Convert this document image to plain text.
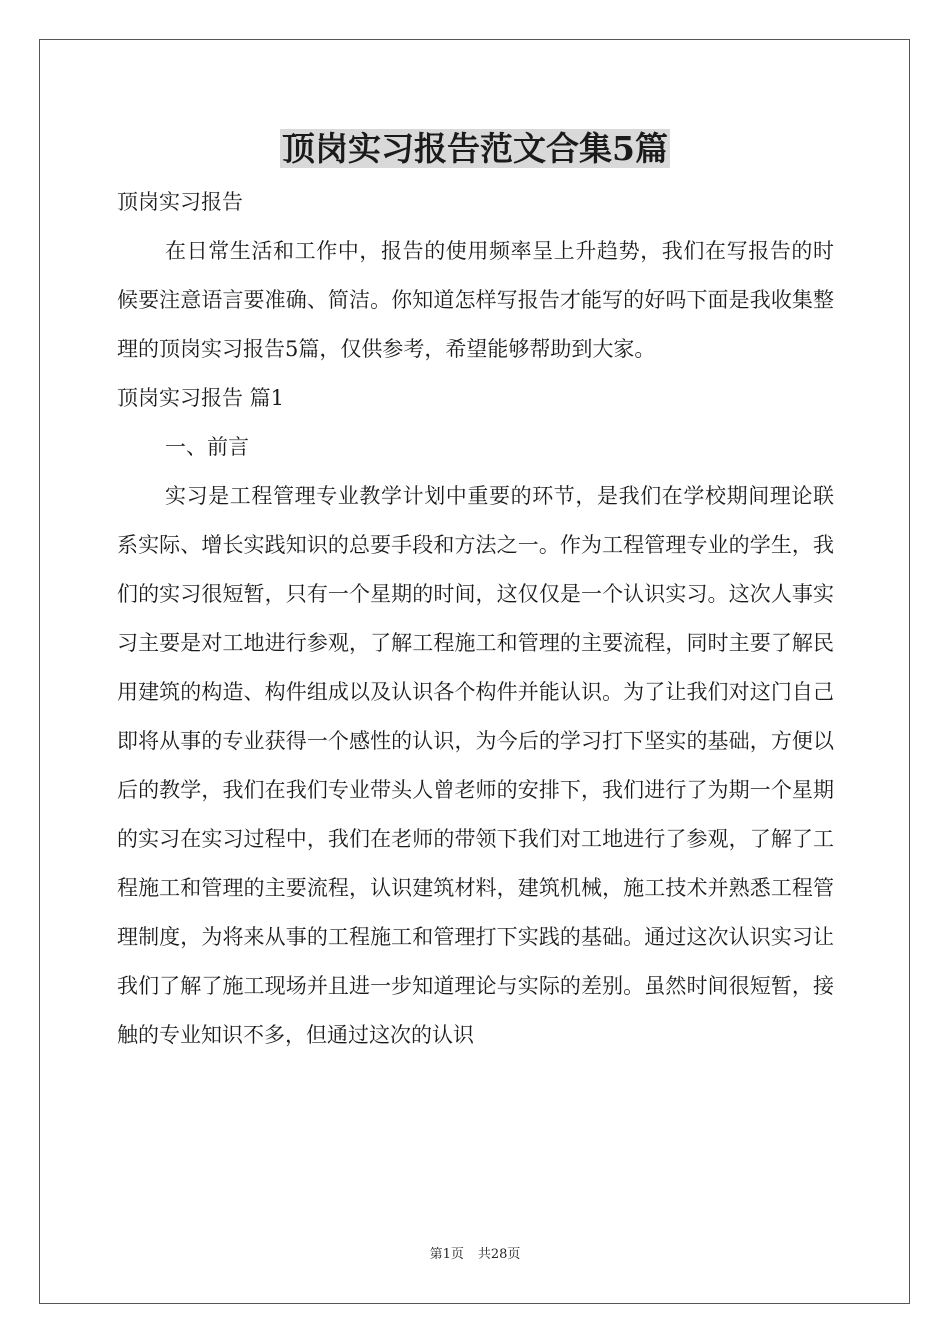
顶岗实习报告范文合集5篇

顶岗实习报告

在日常生活和工作中，报告的使用频率呈上升趋势，我们在写报告的时候要注意语言要准确、简洁。你知道怎样写报告才能写的好吗下面是我收集整理的顶岗实习报告5篇，仅供参考，希望能够帮助到大家。

顶岗实习报告 篇1

一、前言

实习是工程管理专业教学计划中重要的环节，是我们在学校期间理论联系实际、增长实践知识的总要手段和方法之一。作为工程管理专业的学生，我们的实习很短暂，只有一个星期的时间，这仅仅是一个认识实习。这次人事实习主要是对工地进行参观，了解工程施工和管理的主要流程，同时主要了解民用建筑的构造、构件组成以及认识各个构件并能认识。为了让我们对这门自己即将从事的专业获得一个感性的认识，为今后的学习打下坚实的基础，方便以后的教学，我们在我们专业带头人曾老师的安排下，我们进行了为期一个星期的实习在实习过程中，我们在老师的带领下我们对工地进行了参观，了解了工程施工和管理的主要流程，认识建筑材料，建筑机械，施工技术并熟悉工程管理制度，为将来从事的工程施工和管理打下实践的基础。通过这次认识实习让我们了解了施工现场并且进一步知道理论与实际的差别。虽然时间很短暂，接触的专业知识不多，但通过这次的认识

第1页 共28页
